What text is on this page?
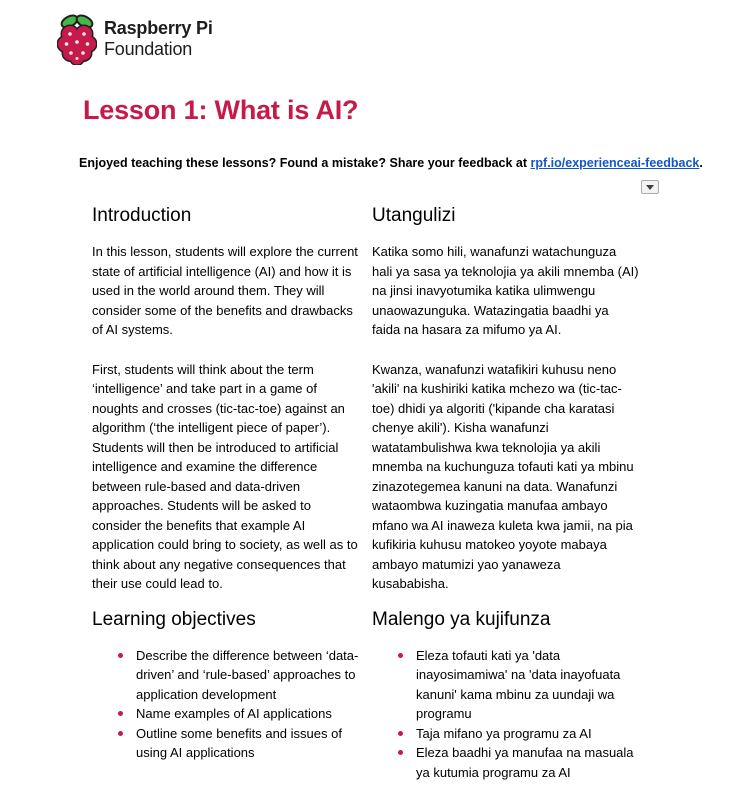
Raspberry Pi
Foundation
Lesson 1: What is AI?

Enjoyed teaching these lessons? Found a mistake? Share your feedback at rpf.io/experienceai-feedback.

Introduction	Utangulizi

In this lesson, students will explore the current state of artificial intelligence (AI) and how it is used in the world around them. They will consider some of the benefits and drawbacks of AI systems.

First, students will think about the term ‘intelligence’ and take part in a game of noughts and crosses (tic-tac-toe) against an algorithm (‘the intelligent piece of paper’). Students will then be introduced to artificial intelligence and examine the difference between rule-based and data-driven approaches. Students will be asked to consider the benefits that example AI application could bring to society, as well as to think about any negative consequences that their use could lead to.

Katika somo hili, wanafunzi watachunguza hali ya sasa ya teknolojia ya akili mnemba (AI) na jinsi inavyotumika katika ulimwengu unaowazunguka. Watazingatia baadhi ya faida na hasara za mifumo ya AI.

Kwanza, wanafunzi watafikiri kuhusu neno 'akili' na kushiriki katika mchezo wa (tic-tac-toe) dhidi ya algoriti ('kipande cha karatasi chenye akili'). Kisha wanafunzi watatambulishwa kwa teknolojia ya akili mnemba na kuchunguza tofauti kati ya mbinu zinazotegemea kanuni na data. Wanafunzi wataombwa kuzingatia manufaa ambayo mfano wa AI inaweza kuleta kwa jamii, na pia kufikiria kuhusu matokeo yoyote mabaya ambayo matumizi yao yanaweza kusababisha.

Learning objectives	Malengo ya kujifunza
Describe the difference between ‘data-driven’ and ‘rule-based’ approaches to application development
Name examples of AI applications
Outline some benefits and issues of using AI applications
Eleza tofauti kati ya 'data inayosimamiwa' na 'data inayofuata kanuni' kama mbinu za uundaji wa programu
Taja mifano ya programu za AI
Eleza baadhi ya manufaa na masuala ya kutumia programu za AI
